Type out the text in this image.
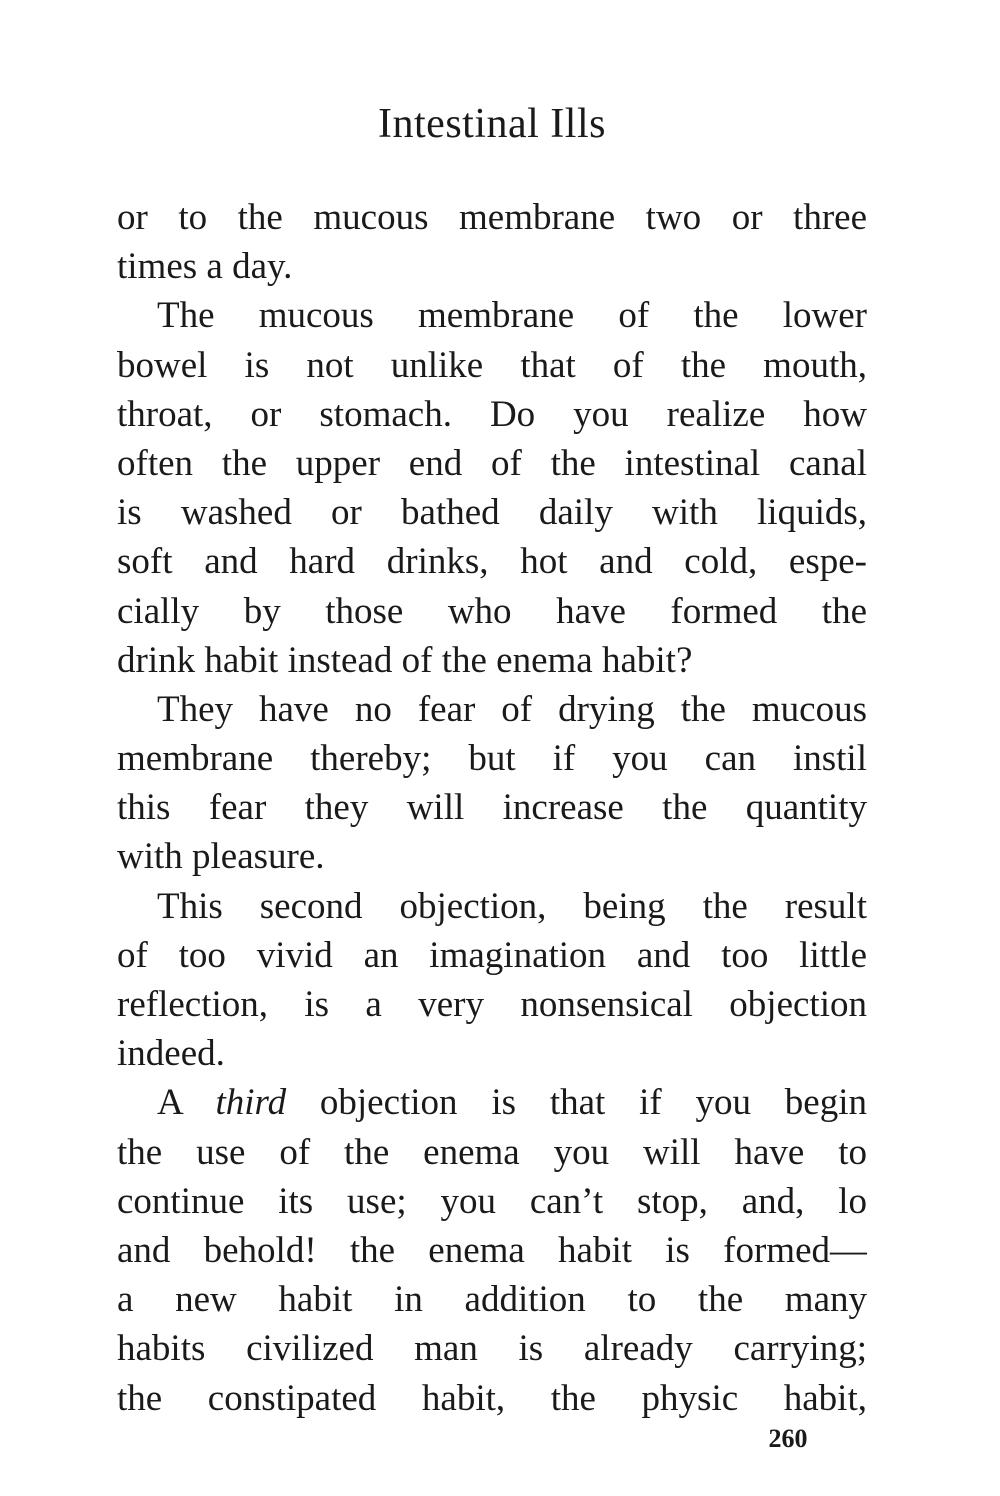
Intestinal Ills
or to the mucous membrane two or three
times a day.
The mucous membrane of the lower
bowel is not unlike that of the mouth,
throat, or stomach. Do you realize how
often the upper end of the intestinal canal
is washed or bathed daily with liquids,
soft and hard drinks, hot and cold, espe-
cially by those who have formed the
drink habit instead of the enema habit?
They have no fear of drying the mucous
membrane thereby; but if you can instil
this fear they will increase the quantity
with pleasure.
This second objection, being the result
of too vivid an imagination and too little
reflection, is a very nonsensical objection
indeed.
A third objection is that if you begin
the use of the enema you will have to
continue its use; you can’t stop, and, lo
and behold! the enema habit is formed—
a new habit in addition to the many
habits civilized man is already carrying;
the constipated habit, the physic habit,
260
